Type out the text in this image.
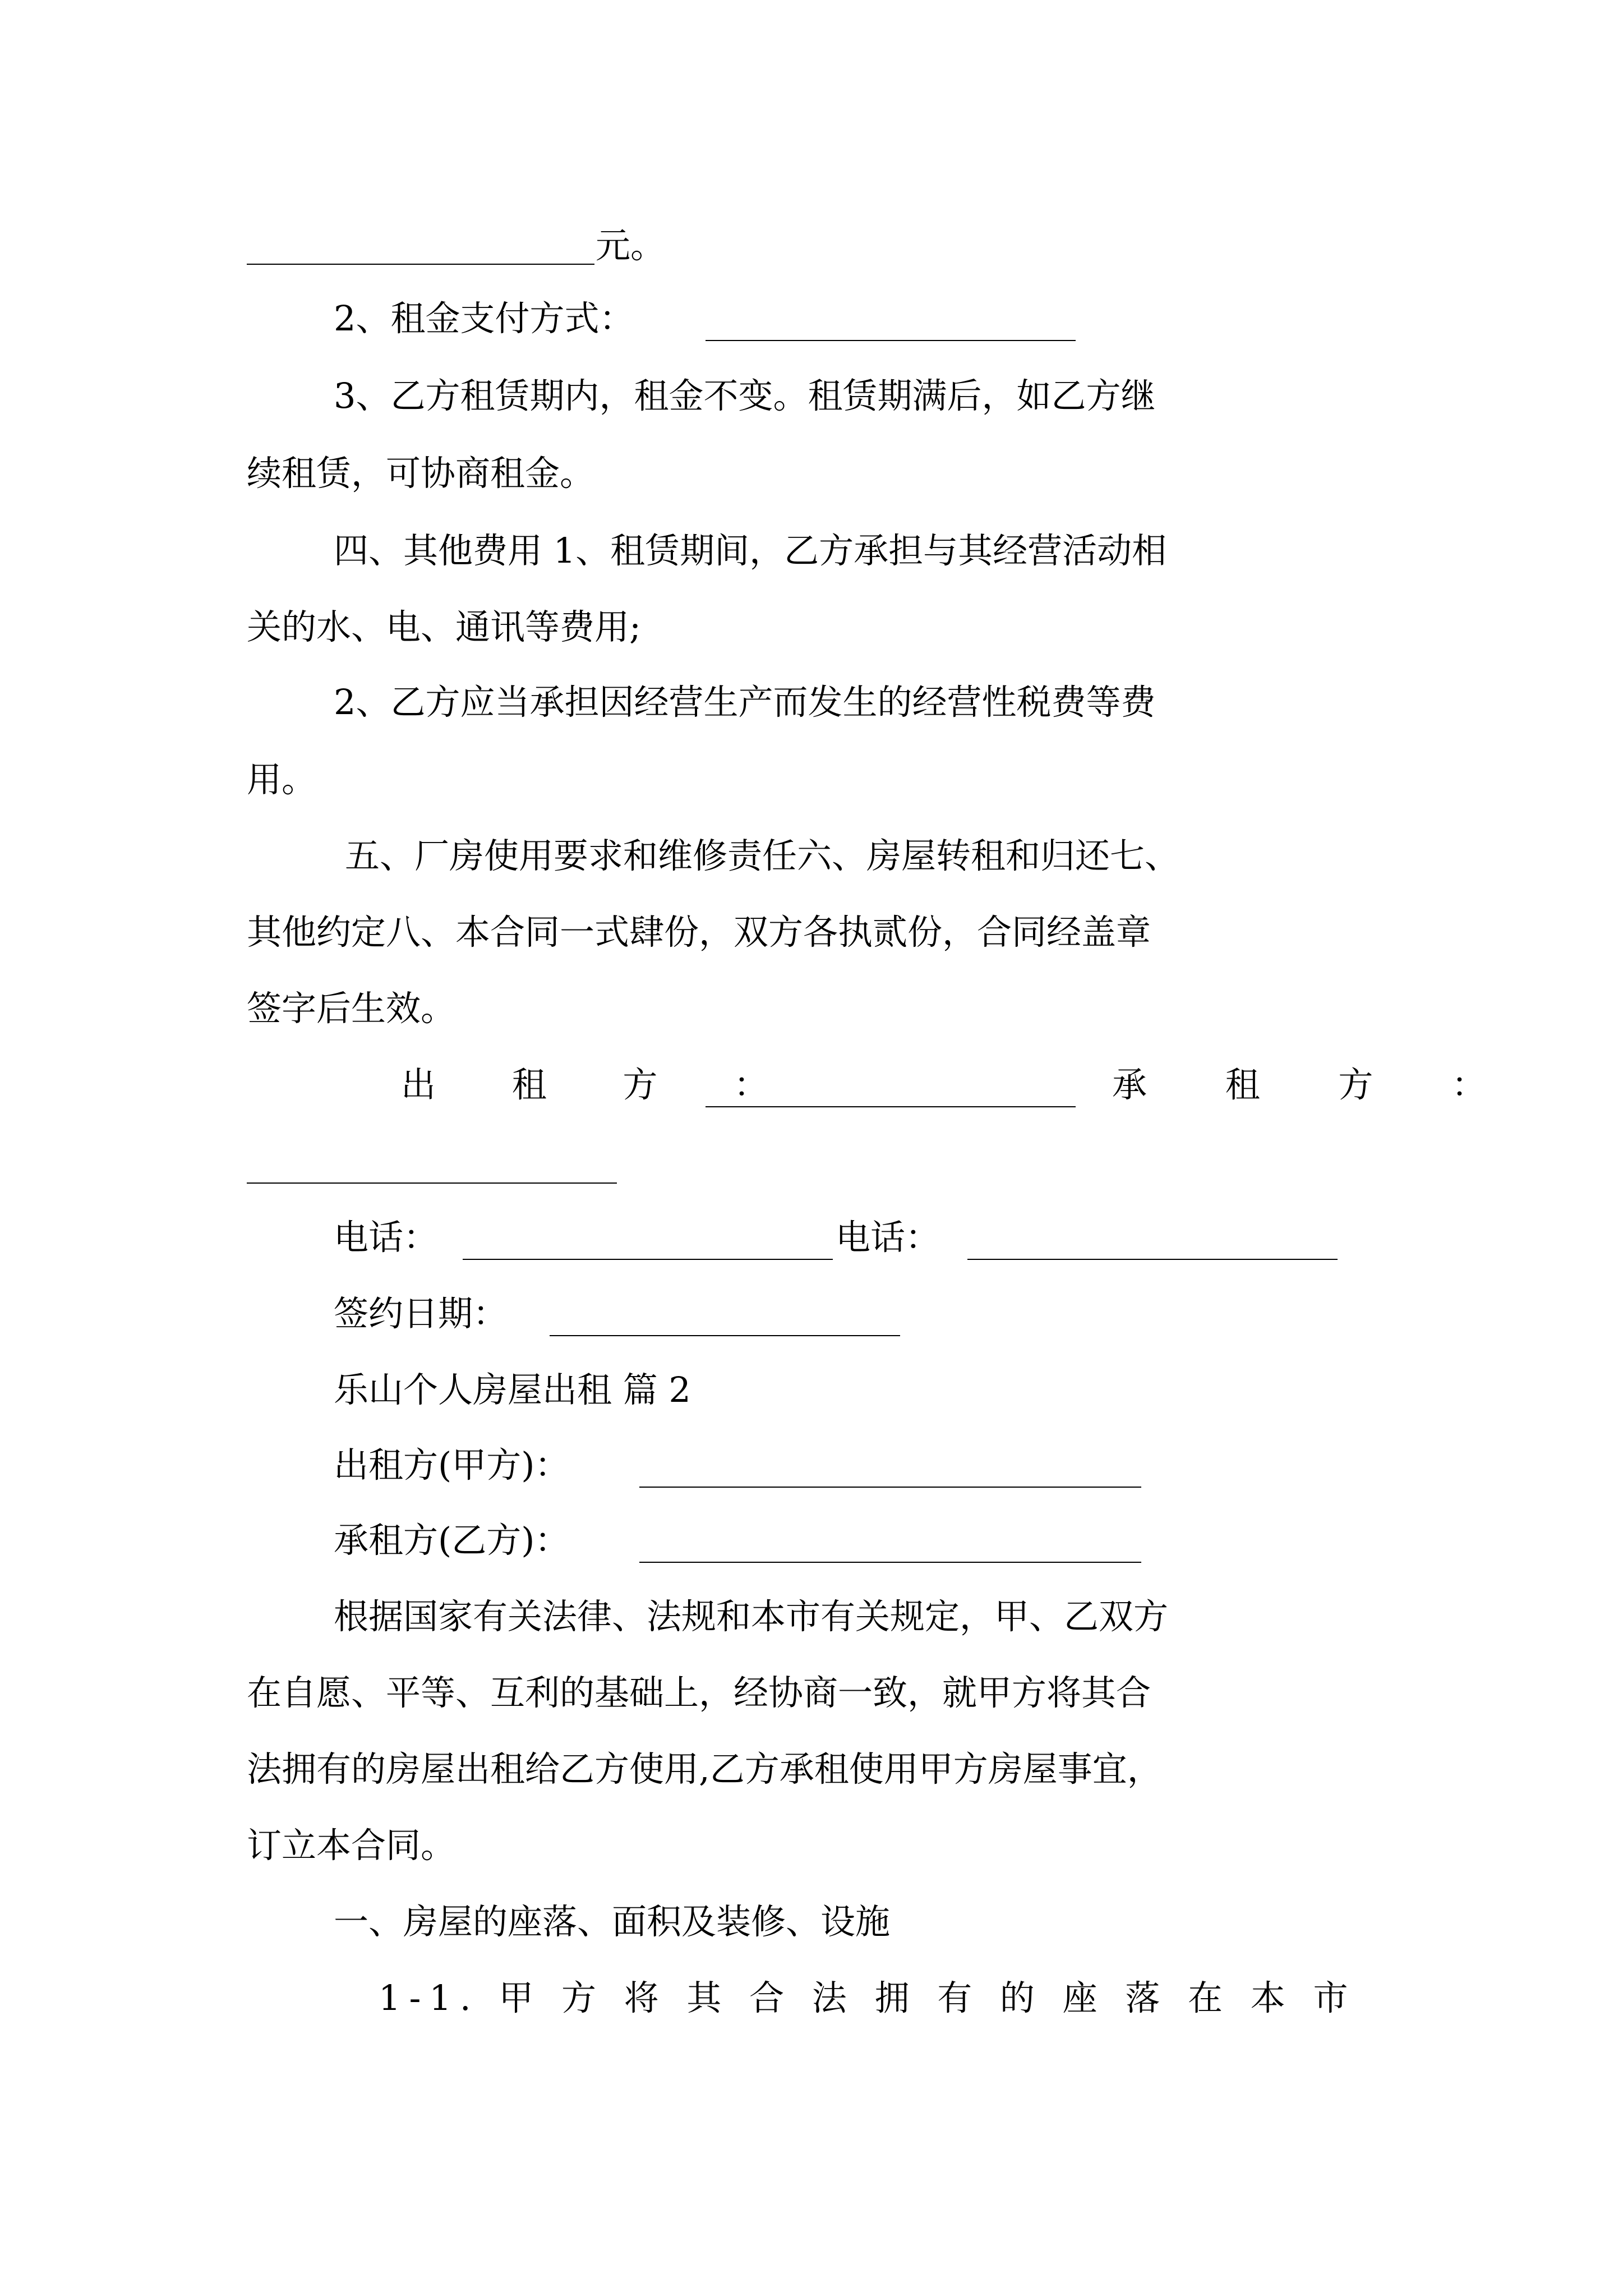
元。
2、租金支付方式：
3、乙方租赁期内，租金不变。租赁期满后，如乙方继
续租赁，可协商租金。
四、其他费用 1、租赁期间，乙方承担与其经营活动相
关的水、电、通讯等费用;
2、乙方应当承担因经营生产而发生的经营性税费等费
用。
五、厂房使用要求和维修责任六、房屋转租和归还七、
其他约定八、本合同一式肆份，双方各执贰份，合同经盖章
签字后生效。
出 租 方 ：	承 租 方 ：
电话：	电话：
签约日期：
乐山个人房屋出租 篇 2
出租方(甲方)：
承租方(乙方)：
根据国家有关法律、法规和本市有关规定，甲、乙双方
在自愿、平等、互利的基础上，经协商一致，就甲方将其合
法拥有的房屋出租给乙方使用,乙方承租使用甲方房屋事宜，
订立本合同。
一、房屋的座落、面积及装修、设施
1-1. 甲 方 将 其 合 法 拥 有 的 座 落 在 本 市
